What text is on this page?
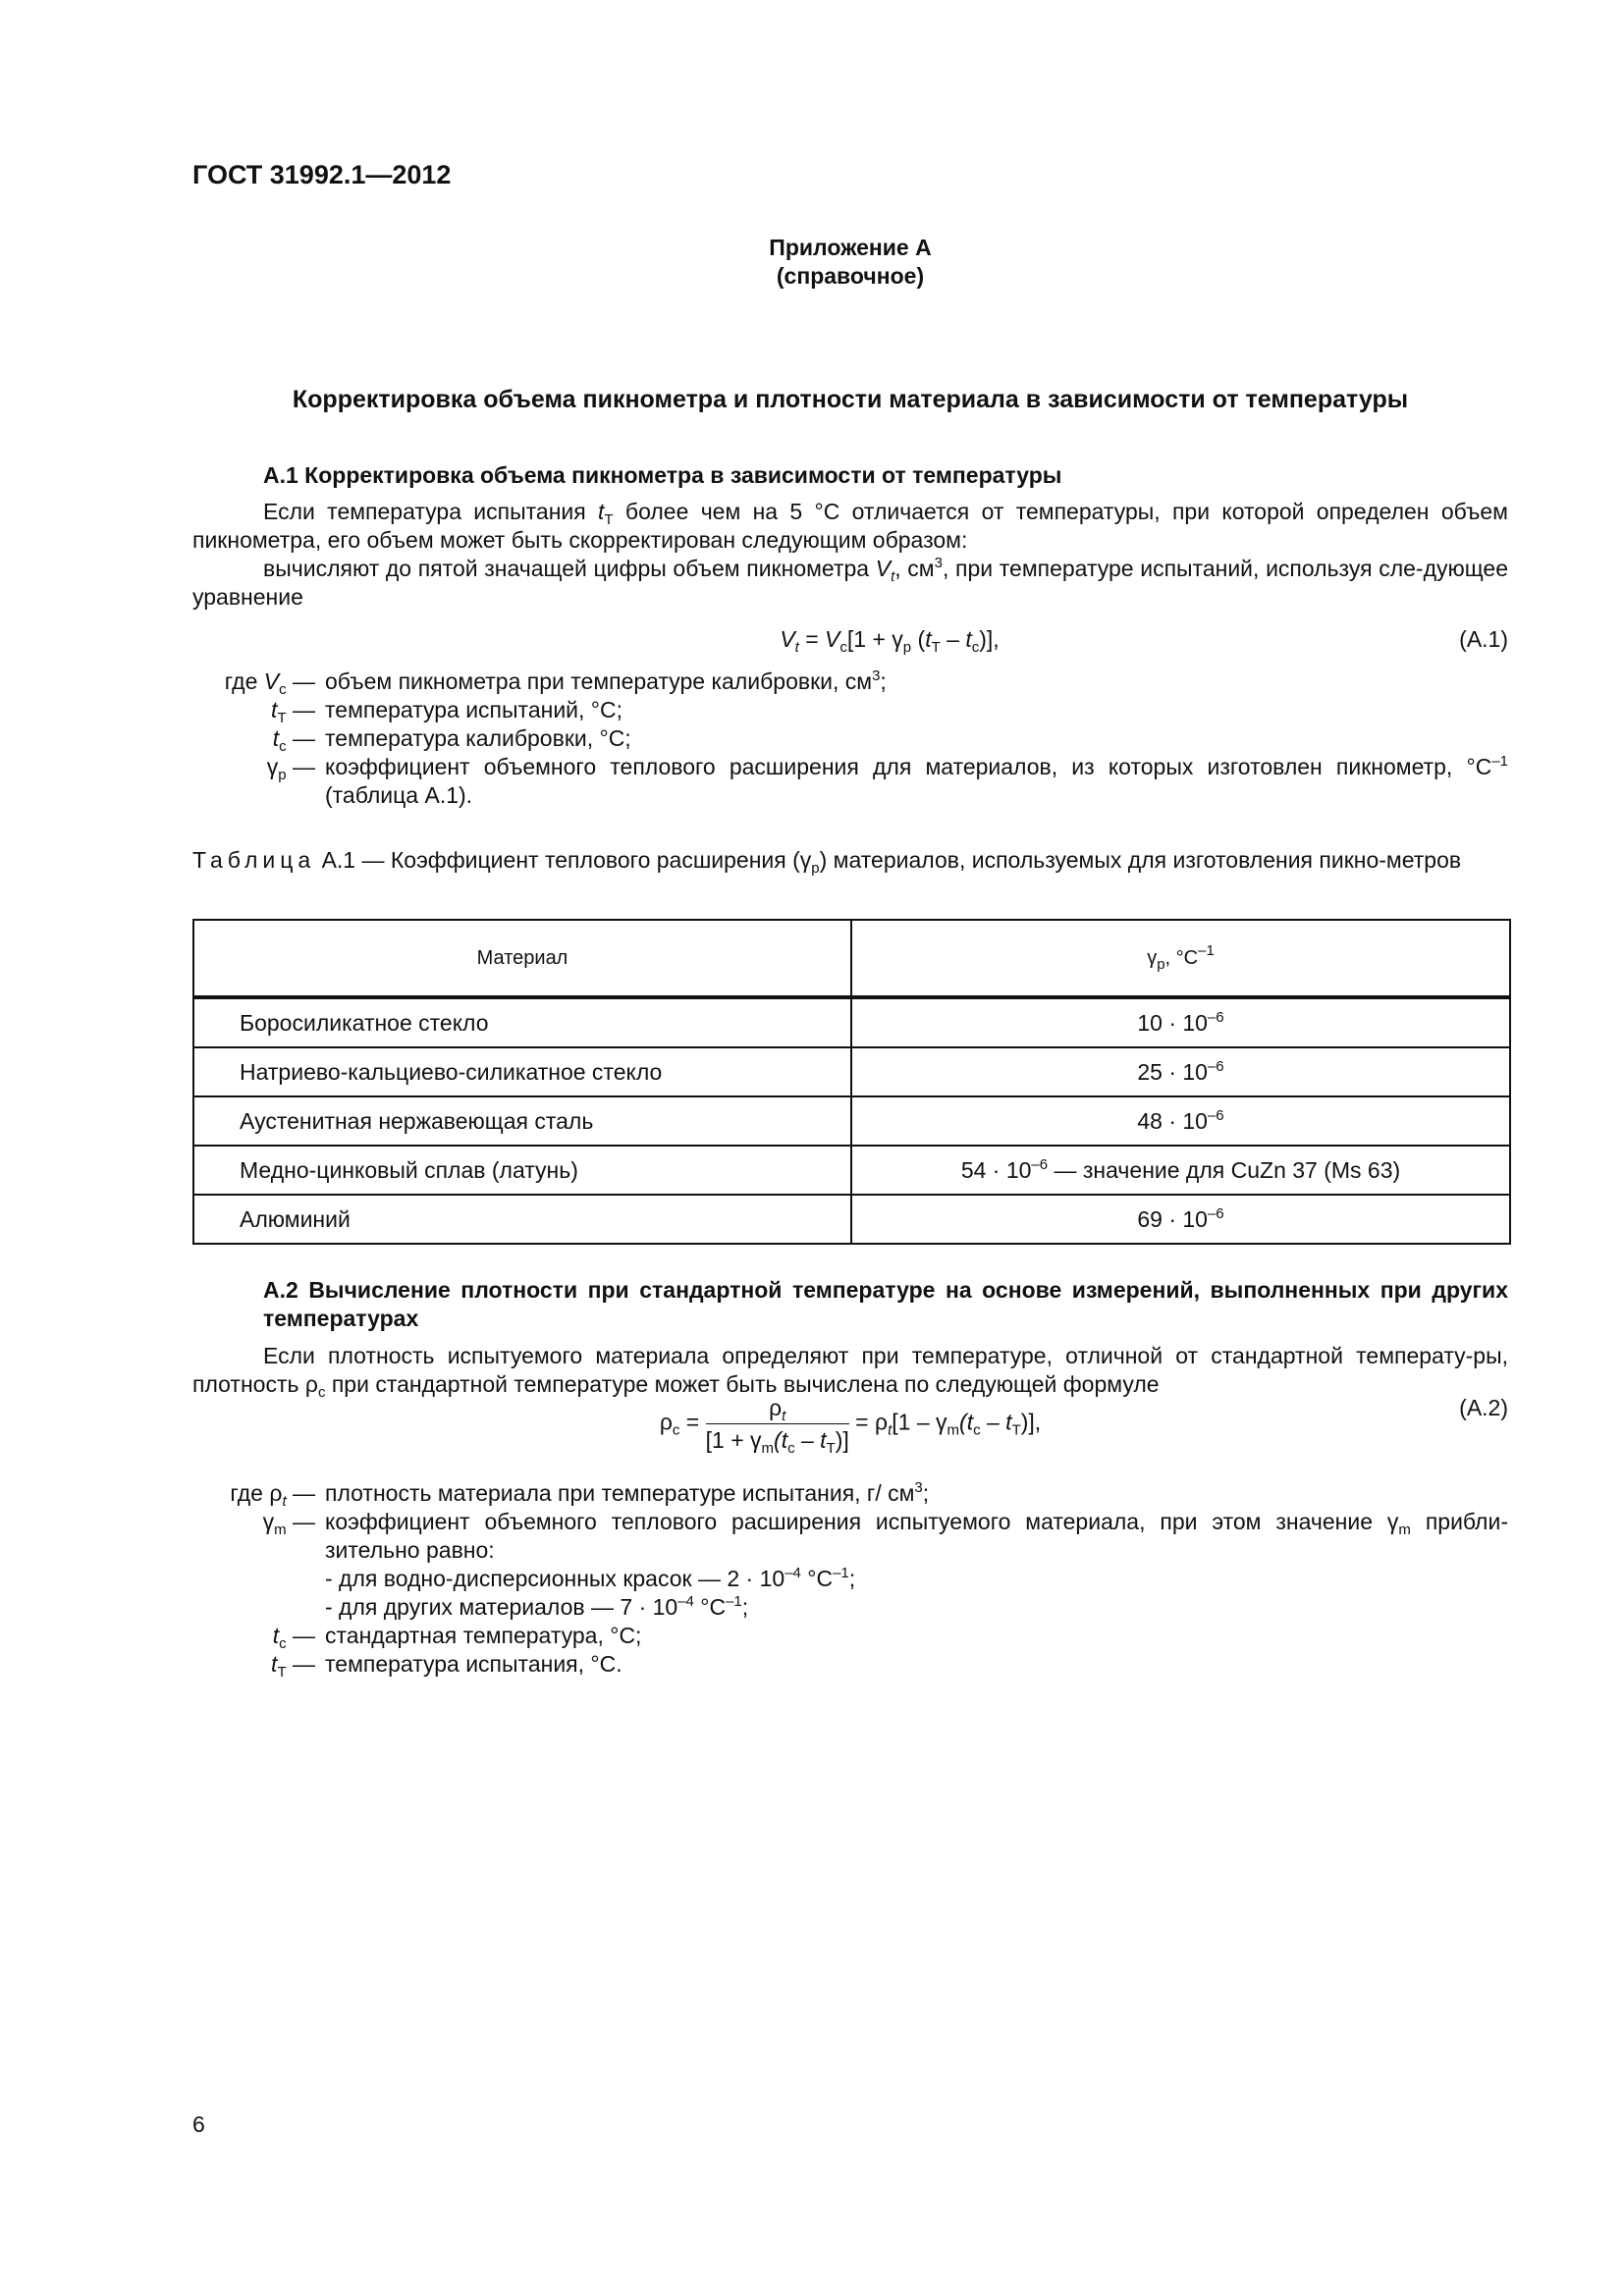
ГОСТ 31992.1—2012
Приложение А
(справочное)
Корректировка объема пикнометра и плотности материала в зависимости от температуры
А.1 Корректировка объема пикнометра в зависимости от температуры
Если температура испытания $t_Т$ более чем на 5 °С отличается от температуры, при которой определен объем пикнометра, его объем может быть скорректирован следующим образом:
вычисляют до пятой значащей цифры объем пикнометра $V_t$, $см^3$, при температуре испытаний, используя сле-дующее уравнение
$V_t = V_с[1 + \gamma_р$ $(t_Т - t_с)$],	(А.1)
где $V_с$ — объем пикнометра при температуре калибровки, $см^3$;
$t_Т$ — температура испытаний, °С;
$t_с$ — температура калибровки, °С;
$\gamma_р$ — коэффициент объемного теплового расширения для материалов, из которых изготовлен пикнометр, $^\circ С^{-1}$ (таблица А.1).
Таблица А.1 — Коэффициент теплового расширения $(\gamma_р)$ материалов, используемых для изготовления пикно-метров
Материал	$\gamma_р$, $^\circ С^{-1}$
Боросиликатное стекло	$10 \cdot 10^{-6}$
Натриево-кальциево-силикатное стекло	$25 \cdot 10^{-6}$
Аустенитная нержавеющая сталь	$48 \cdot 10^{-6}$
Медно-цинковый сплав (латунь)	$54 \cdot 10^{-6}$ — значение для CuZn 37 (Ms 63)
Алюминий	$69 \cdot 10^{-6}$
А.2 Вычисление плотности при стандартной температуре на основе измерений, выполненных при других температурах
Если плотность испытуемого материала определяют при температуре, отличной от стандартной температу-ры, плотность $\rho_с$ при стандартной температуре может быть вычислена по следующей формуле
$\rho_с = \frac{\rho_t}{[1 + \gamma_m(t_с - t_Т)]} = \rho_t[1 - \gamma_m(t_с - t_Т)]$,
(А.2)
где $\rho_t$ — плотность материала при температуре испытания, г/ $см^3$;
$\gamma_m$ — коэффициент объемного теплового расширения испытуемого материала, при этом значение $\gamma_m$ прибли-зительно равно:
- для водно-дисперсионных красок — $2 \cdot 10^{-4}$ $^\circ С^{-1}$;
- для других материалов — $7 \cdot 10^{-4}$ $^\circ С^{-1}$;
$t_с$ — стандартная температура, °С;
$t_Т$ — температура испытания, °С.
6
